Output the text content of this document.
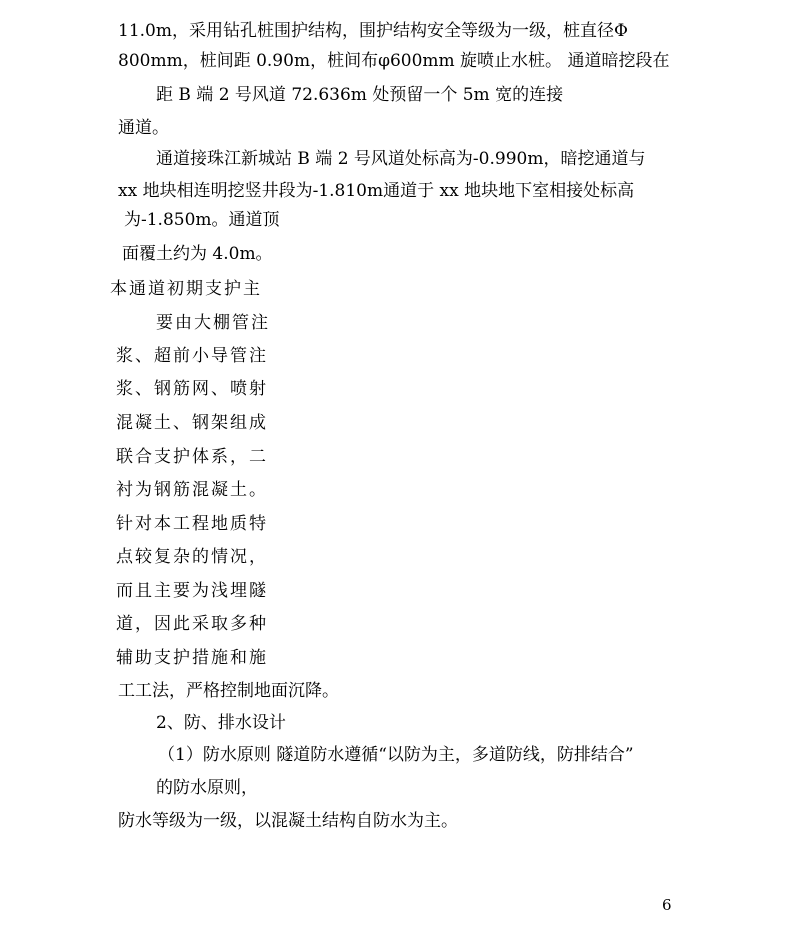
11.0m，采用钻孔桩围护结构，围护结构安全等级为一级，桩直径Φ
800mm，桩间距 0.90m，桩间布φ600mm 旋喷止水桩。 通道暗挖段在
距 B 端 2 号风道 72.636m 处预留一个 5m 宽的连接
通道。
通道接珠江新城站 B 端 2 号风道处标高为-0.990m，暗挖通道与
xx 地块相连明挖竖井段为-1.810m通道于 xx 地块地下室相接处标高
为-1.850m。通道顶
面覆土约为 4.0m。
本通道初期支护主
要由大棚管注
浆、超前小导管注
浆、钢筋网、喷射
混凝土、钢架组成
联合支护体系，二
衬为钢筋混凝土。
针对本工程地质特
点较复杂的情况，
而且主要为浅埋隧
道，因此采取多种
辅助支护措施和施
工工法，严格控制地面沉降。
2、防、排水设计
（1）防水原则 隧道防水遵循“以防为主，多道防线，防排结合”
的防水原则，
防水等级为一级，以混凝土结构自防水为主。
6
